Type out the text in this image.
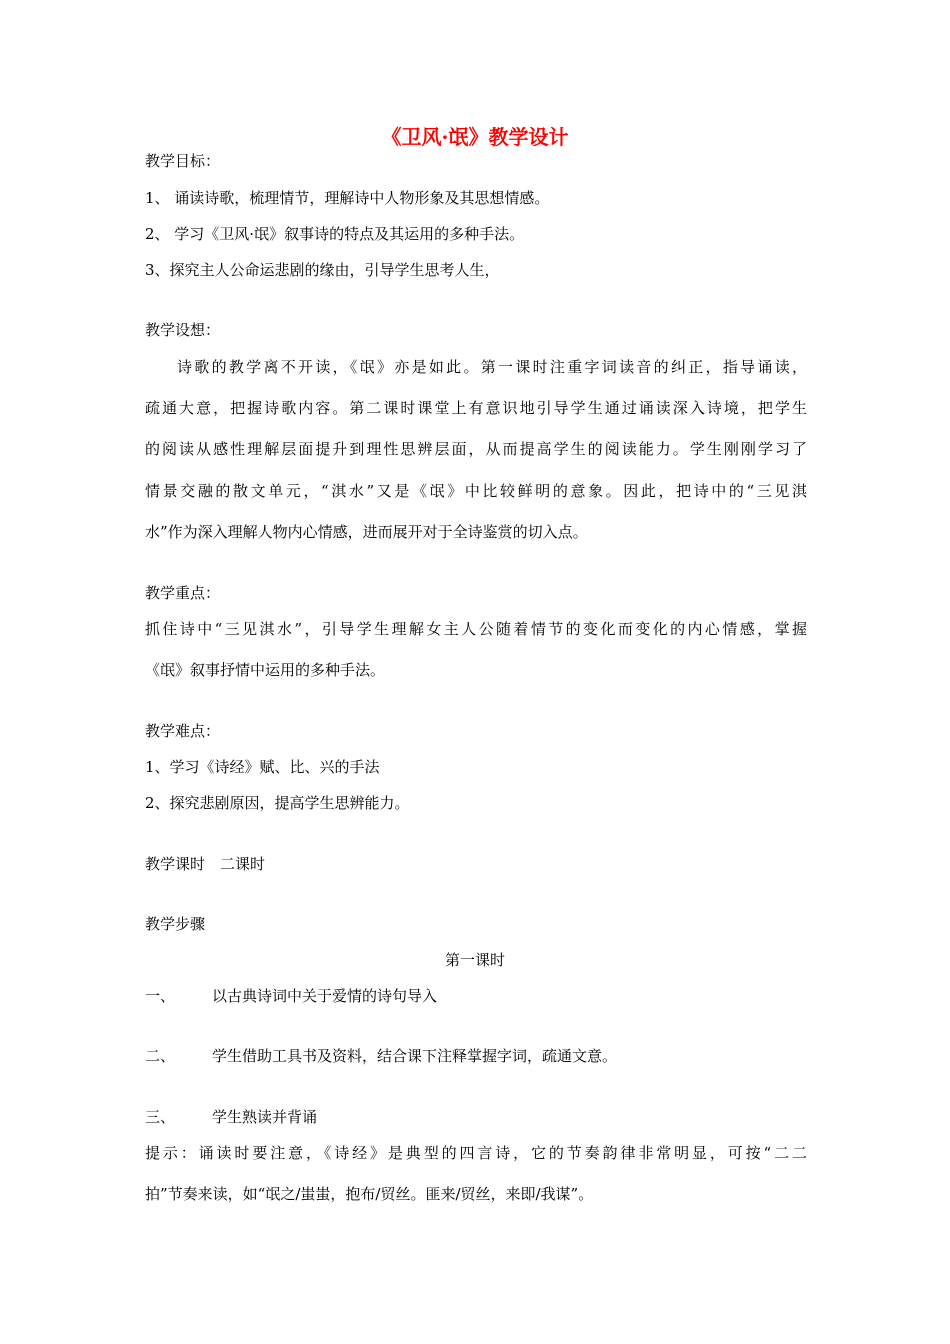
《卫风·氓》教学设计
教学目标：
1、 诵读诗歌，梳理情节，理解诗中人物形象及其思想情感。
2、 学习《卫风·氓》叙事诗的特点及其运用的多种手法。
3、探究主人公命运悲剧的缘由，引导学生思考人生，
教学设想：
诗歌的教学离不开读，《氓》亦是如此。第一课时注重字词读音的纠正，指导诵读，
疏通大意，把握诗歌内容。第二课时课堂上有意识地引导学生通过诵读深入诗境，把学生
的阅读从感性理解层面提升到理性思辨层面，从而提高学生的阅读能力。学生刚刚学习了
情景交融的散文单元，“淇水”又是《氓》中比较鲜明的意象。因此，把诗中的“三见淇
水”作为深入理解人物内心情感，进而展开对于全诗鉴赏的切入点。
教学重点：
抓住诗中“三见淇水”，引导学生理解女主人公随着情节的变化而变化的内心情感，掌握
《氓》叙事抒情中运用的多种手法。
教学难点：
1、学习《诗经》赋、比、兴的手法
2、探究悲剧原因，提高学生思辨能力。
教学课时　二课时
教学步骤
第一课时
一、 以古典诗词中关于爱情的诗句导入
二、 学生借助工具书及资料，结合课下注释掌握字词，疏通文意。
三、 学生熟读并背诵
提示：诵读时要注意，《诗经》是典型的四言诗，它的节奏韵律非常明显，可按“二二
拍”节奏来读，如“氓之/蚩蚩，抱布/贸丝。匪来/贸丝，来即/我谋”。
